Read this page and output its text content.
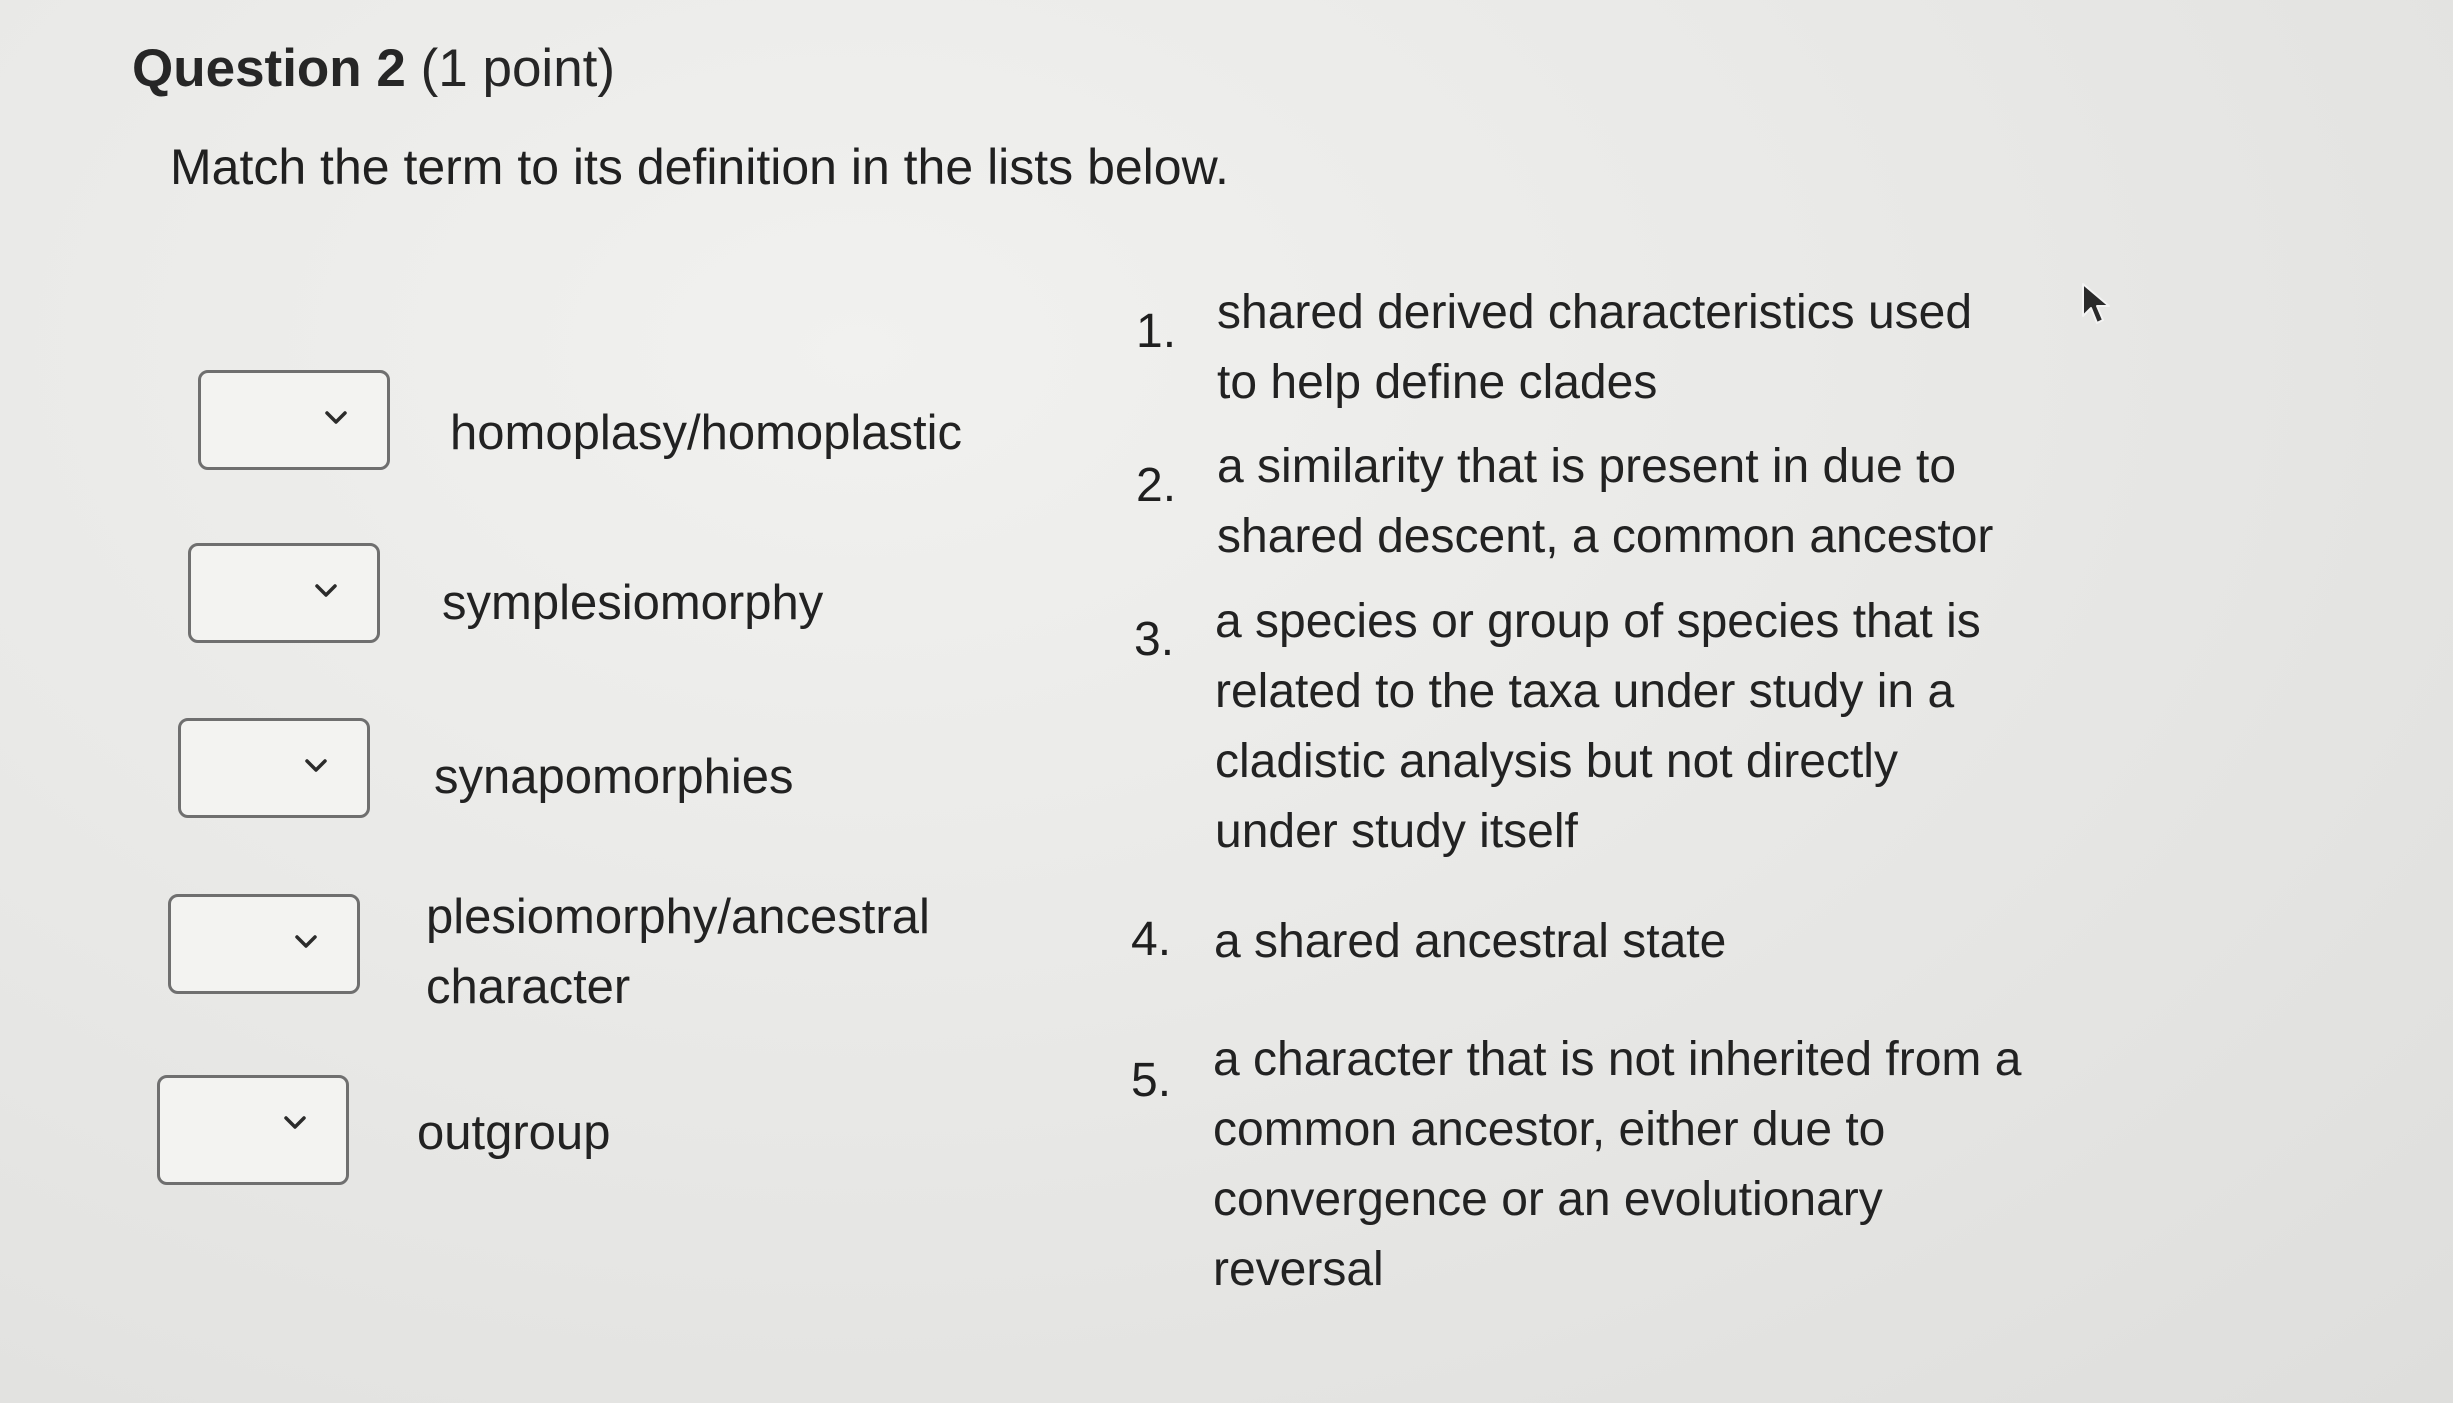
Question 2 (1 point)
Match the term to its definition in the lists below.
homoplasy/homoplastic
symplesiomorphy
synapomorphies
plesiomorphy/ancestral character
outgroup
1. shared derived characteristics used to help define clades
2. a similarity that is present in due to shared descent, a common ancestor
3. a species or group of species that is related to the taxa under study in a cladistic analysis but not directly under study itself
4. a shared ancestral state
5. a character that is not inherited from a common ancestor, either due to convergence or an evolutionary reversal
